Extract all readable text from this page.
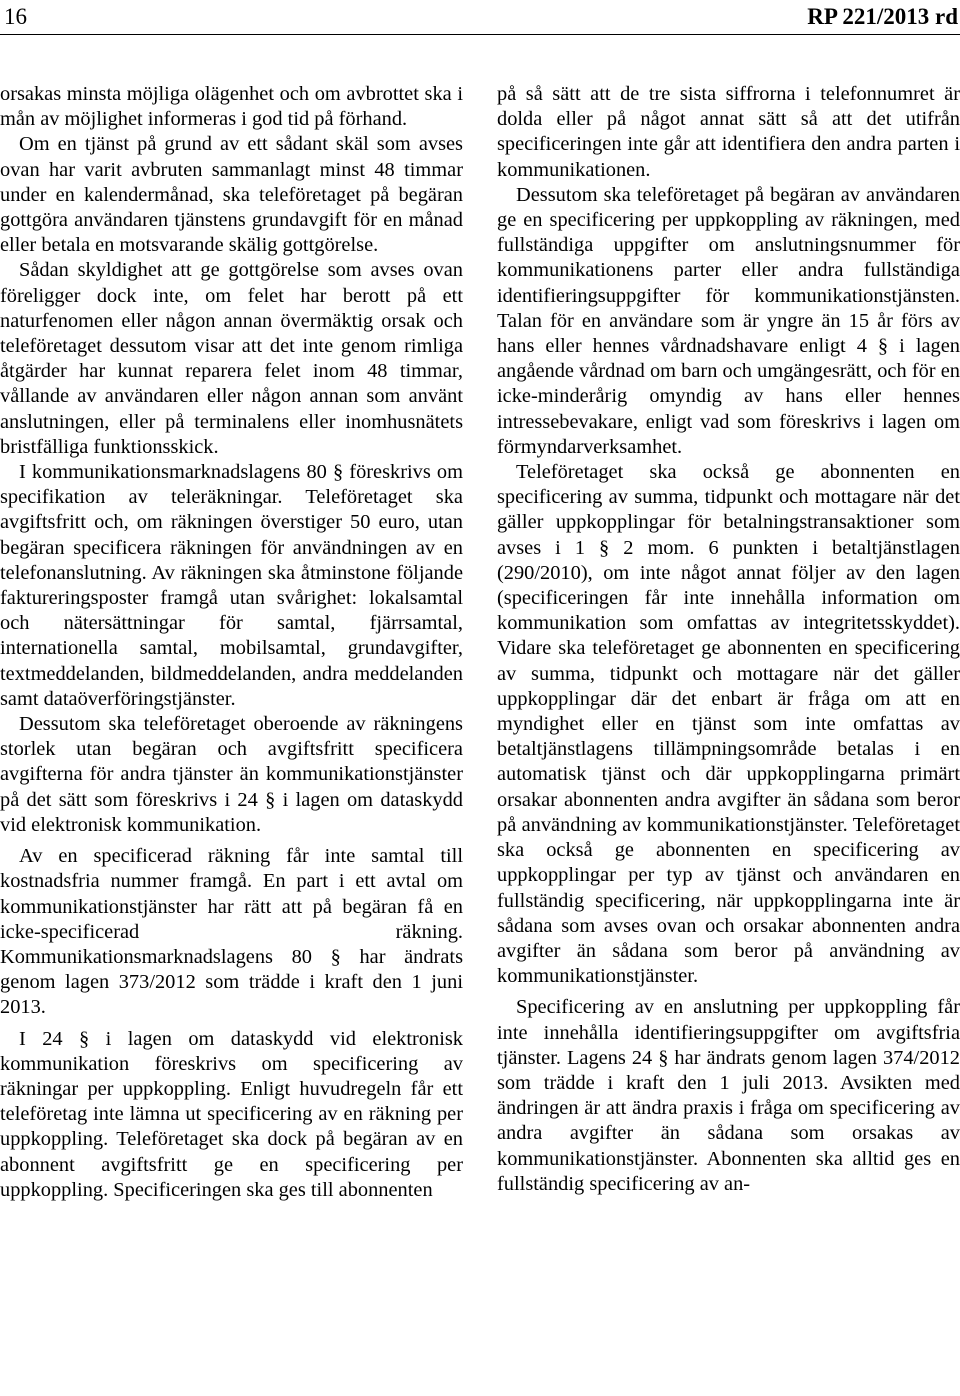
16	RP 221/2013 rd

orsakas minsta möjliga olägenhet och om avbrottet ska i mån av möjlighet informeras i god tid på förhand.

Om en tjänst på grund av ett sådant skäl som avses ovan har varit avbruten sammanlagt minst 48 timmar under en kalendermånad, ska teleföretaget på begäran gottgöra användaren tjänstens grundavgift för en månad eller betala en motsvarande skälig gottgörelse.

Sådan skyldighet att ge gottgörelse som avses ovan föreligger dock inte, om felet har berott på ett naturfenomen eller någon annan övermäktig orsak och teleföretaget dessutom visar att det inte genom rimliga åtgärder har kunnat reparera felet inom 48 timmar, vållande av användaren eller någon annan som använt anslutningen, eller på terminalens eller inomhusnätets bristfälliga funktionsskick.

I kommunikationsmarknadslagens 80 § föreskrivs om specifikation av teleräkningar. Teleföretaget ska avgiftsfritt och, om räkningen överstiger 50 euro, utan begäran specificera räkningen för användningen av en telefonanslutning. Av räkningen ska åtminstone följande faktureringsposter framgå utan svårighet: lokalsamtal och nätersättningar för samtal, fjärrsamtal, internationella samtal, mobilsamtal, grundavgifter, textmeddelanden, bildmeddelanden, andra meddelanden samt dataöverföringstjänster.

Dessutom ska teleföretaget oberoende av räkningens storlek utan begäran och avgiftsfritt specificera avgifterna för andra tjänster än kommunikationstjänster på det sätt som föreskrivs i 24 § i lagen om dataskydd vid elektronisk kommunikation.

Av en specificerad räkning får inte samtal till kostnadsfria nummer framgå. En part i ett avtal om kommunikationstjänster har rätt att på begäran få en icke-specificerad räkning. Kommunikationsmarknadslagens 80 § har ändrats genom lagen 373/2012 som trädde i kraft den 1 juni 2013.

I 24 § i lagen om dataskydd vid elektronisk kommunikation föreskrivs om specificering av räkningar per uppkoppling. Enligt huvudregeln får ett teleföretag inte lämna ut specificering av en räkning per uppkoppling. Teleföretaget ska dock på begäran av en abonnent avgiftsfritt ge en specificering per uppkoppling. Specificeringen ska ges till abonnenten

på så sätt att de tre sista siffrorna i telefonnumret är dolda eller på något annat sätt så att det utifrån specificeringen inte går att identifiera den andra parten i kommunikationen.

Dessutom ska teleföretaget på begäran av användaren ge en specificering per uppkoppling av räkningen, med fullständiga uppgifter om anslutningsnummer för kommunikationens parter eller andra fullständiga identifieringsuppgifter för kommunikationstjänsten. Talan för en användare som är yngre än 15 år förs av hans eller hennes vårdnadshavare enligt 4 § i lagen angående vårdnad om barn och umgängesrätt, och för en icke-minderårig omyndig av hans eller hennes intressebevakare, enligt vad som föreskrivs i lagen om förmyndarverksamhet.

Teleföretaget ska också ge abonnenten en specificering av summa, tidpunkt och mottagare när det gäller uppkopplingar för betalningstransaktioner som avses i 1 § 2 mom. 6 punkten i betaltjänstlagen (290/2010), om inte något annat följer av den lagen (specificeringen får inte innehålla information om kommunikation som omfattas av integritetsskyddet). Vidare ska teleföretaget ge abonnenten en specificering av summa, tidpunkt och mottagare när det gäller uppkopplingar där det enbart är fråga om att en myndighet eller en tjänst som inte omfattas av betaltjänstlagens tillämpningsområde betalas i en automatisk tjänst och där uppkopplingarna primärt orsakar abonnenten andra avgifter än sådana som beror på användning av kommunikationstjänster. Teleföretaget ska också ge abonnenten en specificering av uppkopplingar per typ av tjänst och användaren en fullständig specificering, när uppkopplingarna inte är sådana som avses ovan och orsakar abonnenten andra avgifter än sådana som beror på användning av kommunikationstjänster.

Specificering av en anslutning per uppkoppling får inte innehålla identifieringsuppgifter om avgiftsfria tjänster. Lagens 24 § har ändrats genom lagen 374/2012 som trädde i kraft den 1 juli 2013. Avsikten med ändringen är att ändra praxis i fråga om specificering av andra avgifter än sådana som orsakas av kommunikationstjänster. Abonnenten ska alltid ges en fullständig specificering av an-
